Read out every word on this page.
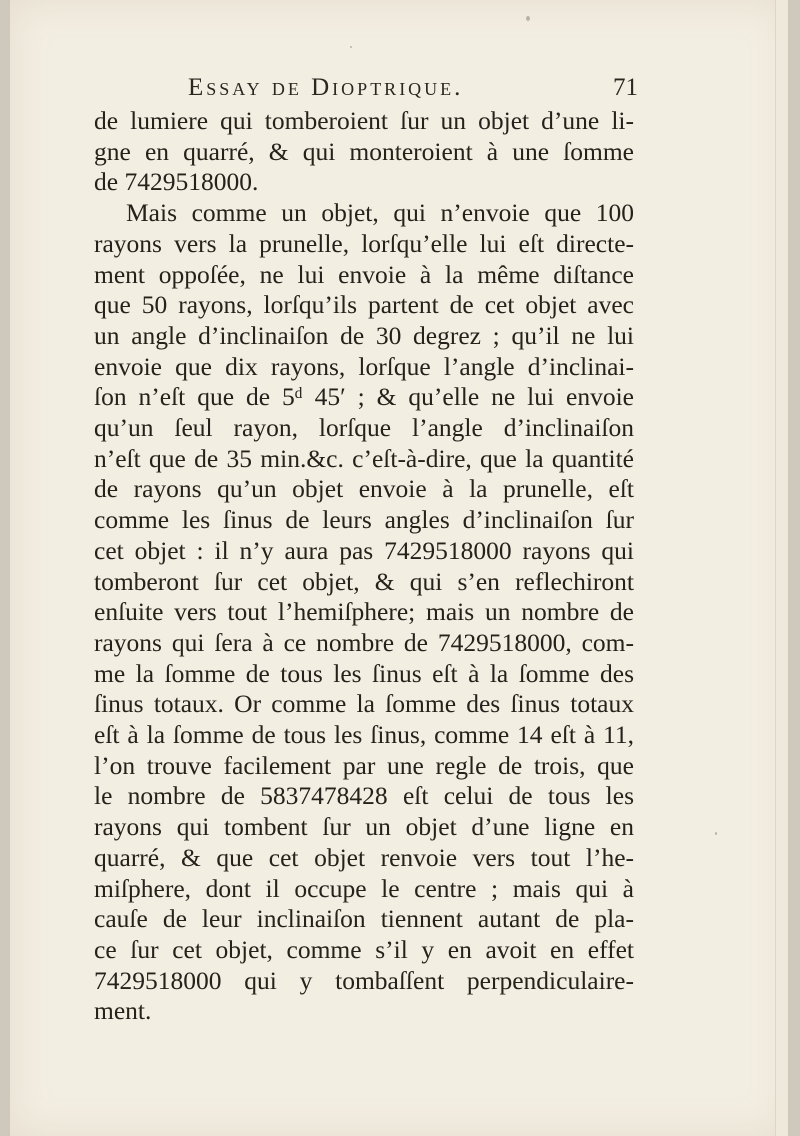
Essay de Dioptrique.	71
de lumiere qui tomberoient ſur un objet d’une li-
gne en quarré, & qui monteroient à une ſomme
de 7429518000.
Mais comme un objet, qui n’envoie que 100
rayons vers la prunelle, lorſqu’elle lui eſt directe-
ment oppoſée, ne lui envoie à la même diſtance
que 50 rayons, lorſqu’ils partent de cet objet avec
un angle d’inclinaiſon de 30 degrez ; qu’il ne lui
envoie que dix rayons, lorſque l’angle d’inclinai-
ſon n’eſt que de 5ᵈ 45′ ; & qu’elle ne lui envoie
qu’un ſeul rayon, lorſque l’angle d’inclinaiſon
n’eſt que de 35 min.&c. c’eſt-à-dire, que la quantité
de rayons qu’un objet envoie à la prunelle, eſt
comme les ſinus de leurs angles d’inclinaiſon ſur
cet objet : il n’y aura pas 7429518000 rayons qui
tomberont ſur cet objet, & qui s’en reflechiront
enſuite vers tout l’hemiſphere; mais un nombre de
rayons qui ſera à ce nombre de 7429518000, com-
me la ſomme de tous les ſinus eſt à la ſomme des
ſinus totaux. Or comme la ſomme des ſinus totaux
eſt à la ſomme de tous les ſinus, comme 14 eſt à 11,
l’on trouve facilement par une regle de trois, que
le nombre de 5837478428 eſt celui de tous les
rayons qui tombent ſur un objet d’une ligne en
quarré, & que cet objet renvoie vers tout l’he-
miſphere, dont il occupe le centre ; mais qui à
cauſe de leur inclinaiſon tiennent autant de pla-
ce ſur cet objet, comme s’il y en avoit en effet
7429518000 qui y tombaſſent perpendiculaire-
ment.
